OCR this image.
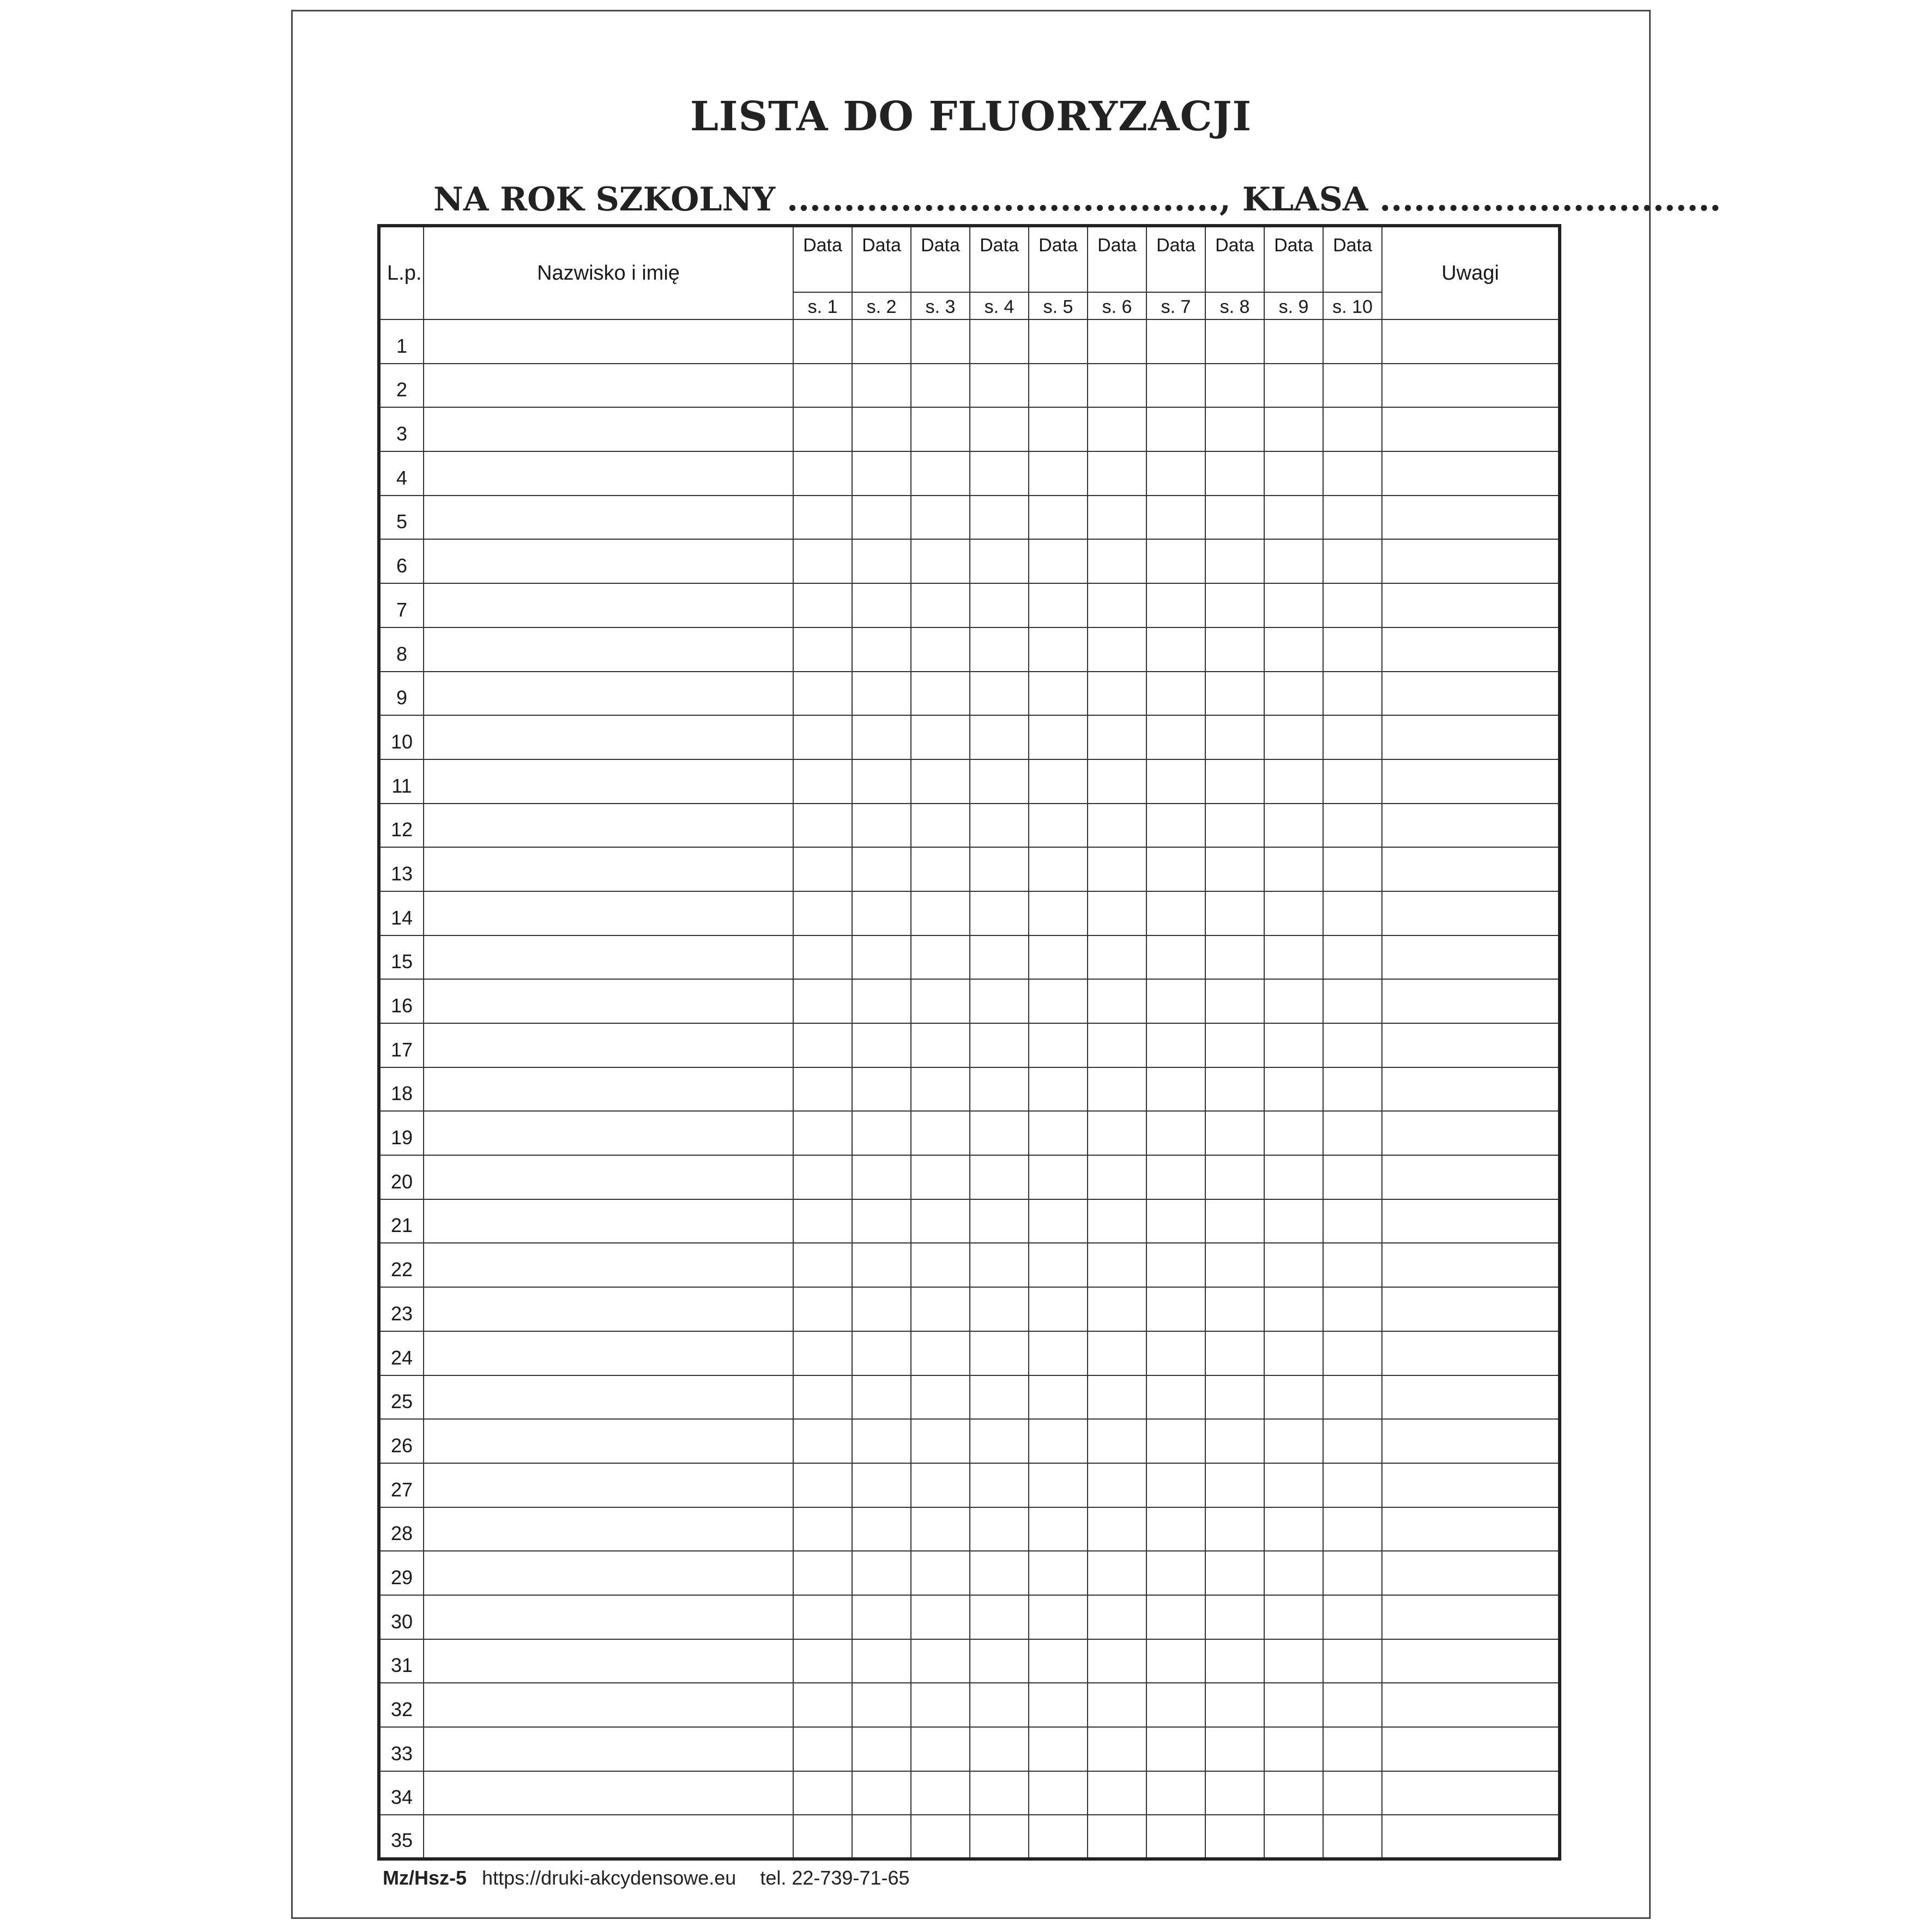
LISTA DO FLUORYZACJI
NA ROK SZKOLNY ......................................, KLASA ..............................
L.p.	Nazwisko i imię	Data	Data	Data	Data	Data	Data	Data	Data	Data	Data	Uwagi
		s. 1	s. 2	s. 3	s. 4	s. 5	s. 6	s. 7	s. 8	s. 9	s. 10	
1												
2												
3												
4												
5												
6												
7												
8												
9												
10												
11												
12												
13												
14												
15												
16												
17												
18												
19												
20												
21												
22												
23												
24												
25												
26												
27												
28												
29												
30												
31												
32												
33												
34												
35												
Mz/Hsz-5 https://druki-akcydensowe.eu tel. 22-739-71-65
